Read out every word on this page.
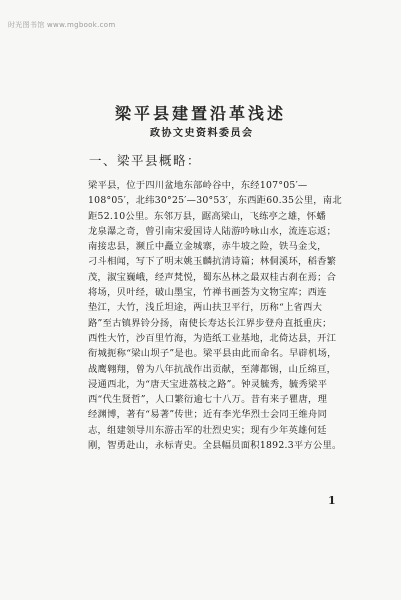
时光图书馆 www.mgbook.com
梁平县建置沿革浅述
政协文史资料委员会
一、梁平县概略：
梁平县，位于四川盆地东部岭谷中，东经107°05′—
108°05′，北纬30°25′—30°53′，东西距60.35公里，南北
距52.10公里。东邻万县，踞高梁山，飞练亭之雄，怀蟠
龙泉瀑之奇，曾引南宋爱国诗人陆游吟咏山水，流连忘返；
南接忠县，濒丘中矗立金城寨，赤牛坡之险，铁马金戈，
刁斗相闻，写下了明末姚玉麟抗清诗篇；林侗溪环，稻香繁
茂，淑宝巍峨，经声梵悦，蜀东丛林之最双桂古刹在焉；合
将场，贝叶经，破山墨宝，竹禅书画荟为文物宝库；西连
垫江，大竹，浅丘坦途，两山扶卫平行，历称“上省西大
路”至古镇界铃分扬，南使长寿达长江界步登舟直抵重庆；
西性大竹，沙百里竹海，为造纸工业基地，北倚达县，开江
衔城扼称“梁山坝子”是也。梁平县由此而命名。早辟机场，
战鹰翱翔，曾为八年抗战作出贡献，至薄都锡，山丘绵亘，
浸通西北，为“唐天宝进荔枝之路”。钟灵毓秀，毓秀梁平
西“代生贤哲”，人口繁衍逾七十八万。昔有来子瞿唐，理
经渊博，著有“易著”传世；近有李光华烈士会同王维舟同
志，组建领导川东游击军的壮烈史实；现有少年英雄何廷
刚，智勇赴山，永标青史。全县幅员面积1892.3平方公里。
1
